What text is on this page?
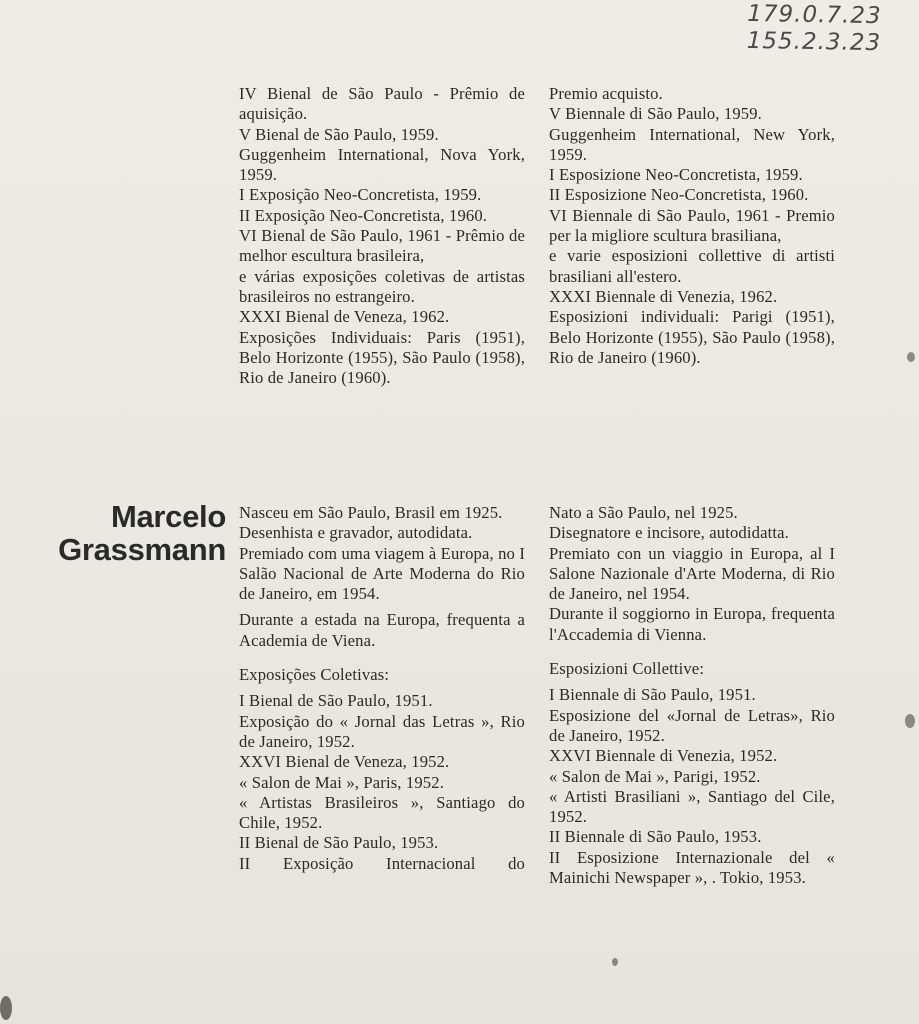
179.0.7.23
155.2.3.23

IV Bienal de São Paulo - Prêmio de aquisição.

V Bienal de São Paulo, 1959.

Guggenheim International, Nova York, 1959.

I Exposição Neo-Concretista, 1959.

II Exposição Neo-Concretista, 1960.

VI Bienal de São Paulo, 1961 - Prêmio de melhor escultura brasileira,

e várias exposições coletivas de artistas brasileiros no estrangeiro.

XXXI Bienal de Veneza, 1962.

Exposições Individuais: Paris (1951), Belo Horizonte (1955), São Paulo (1958), Rio de Janeiro (1960).

Premio acquisto.

V Biennale di São Paulo, 1959.

Guggenheim International, New York, 1959.

I Esposizione Neo-Concretista, 1959.

II Esposizione Neo-Concretista, 1960.

VI Biennale di São Paulo, 1961 - Premio per la migliore scultura brasiliana,

e varie esposizioni collettive di artisti brasiliani all'estero.

XXXI Biennale di Venezia, 1962.

Esposizioni individuali: Parigi (1951), Belo Horizonte (1955), São Paulo (1958), Rio de Janeiro (1960).

Marcelo
Grassmann

Nasceu em São Paulo, Brasil em 1925.

Desenhista e gravador, autodidata.

Premiado com uma viagem à Europa, no I Salão Nacional de Arte Moderna do Rio de Janeiro, em 1954.

Durante a estada na Europa, frequenta a Academia de Viena.

Exposições Coletivas:

I Bienal de São Paulo, 1951.

Exposição do « Jornal das Letras », Rio de Janeiro, 1952.

XXVI Bienal de Veneza, 1952.

« Salon de Mai », Paris, 1952.

« Artistas Brasileiros », Santiago do Chile, 1952.

II Bienal de São Paulo, 1953.

II Exposição Internacional do

Nato a São Paulo, nel 1925.

Disegnatore e incisore, autodidatta.

Premiato con un viaggio in Europa, al I Salone Nazionale d'Arte Moderna, di Rio de Janeiro, nel 1954.

Durante il soggiorno in Europa, frequenta l'Accademia di Vienna.

Esposizioni Collettive:

I Biennale di São Paulo, 1951.

Esposizione del «Jornal de Letras», Rio de Janeiro, 1952.

XXVI Biennale di Venezia, 1952.

« Salon de Mai », Parigi, 1952.

« Artisti Brasiliani », Santiago del Cile, 1952.

II Biennale di São Paulo, 1953.

II Esposizione Internazionale del « Mainichi Newspaper », . Tokio, 1953.
